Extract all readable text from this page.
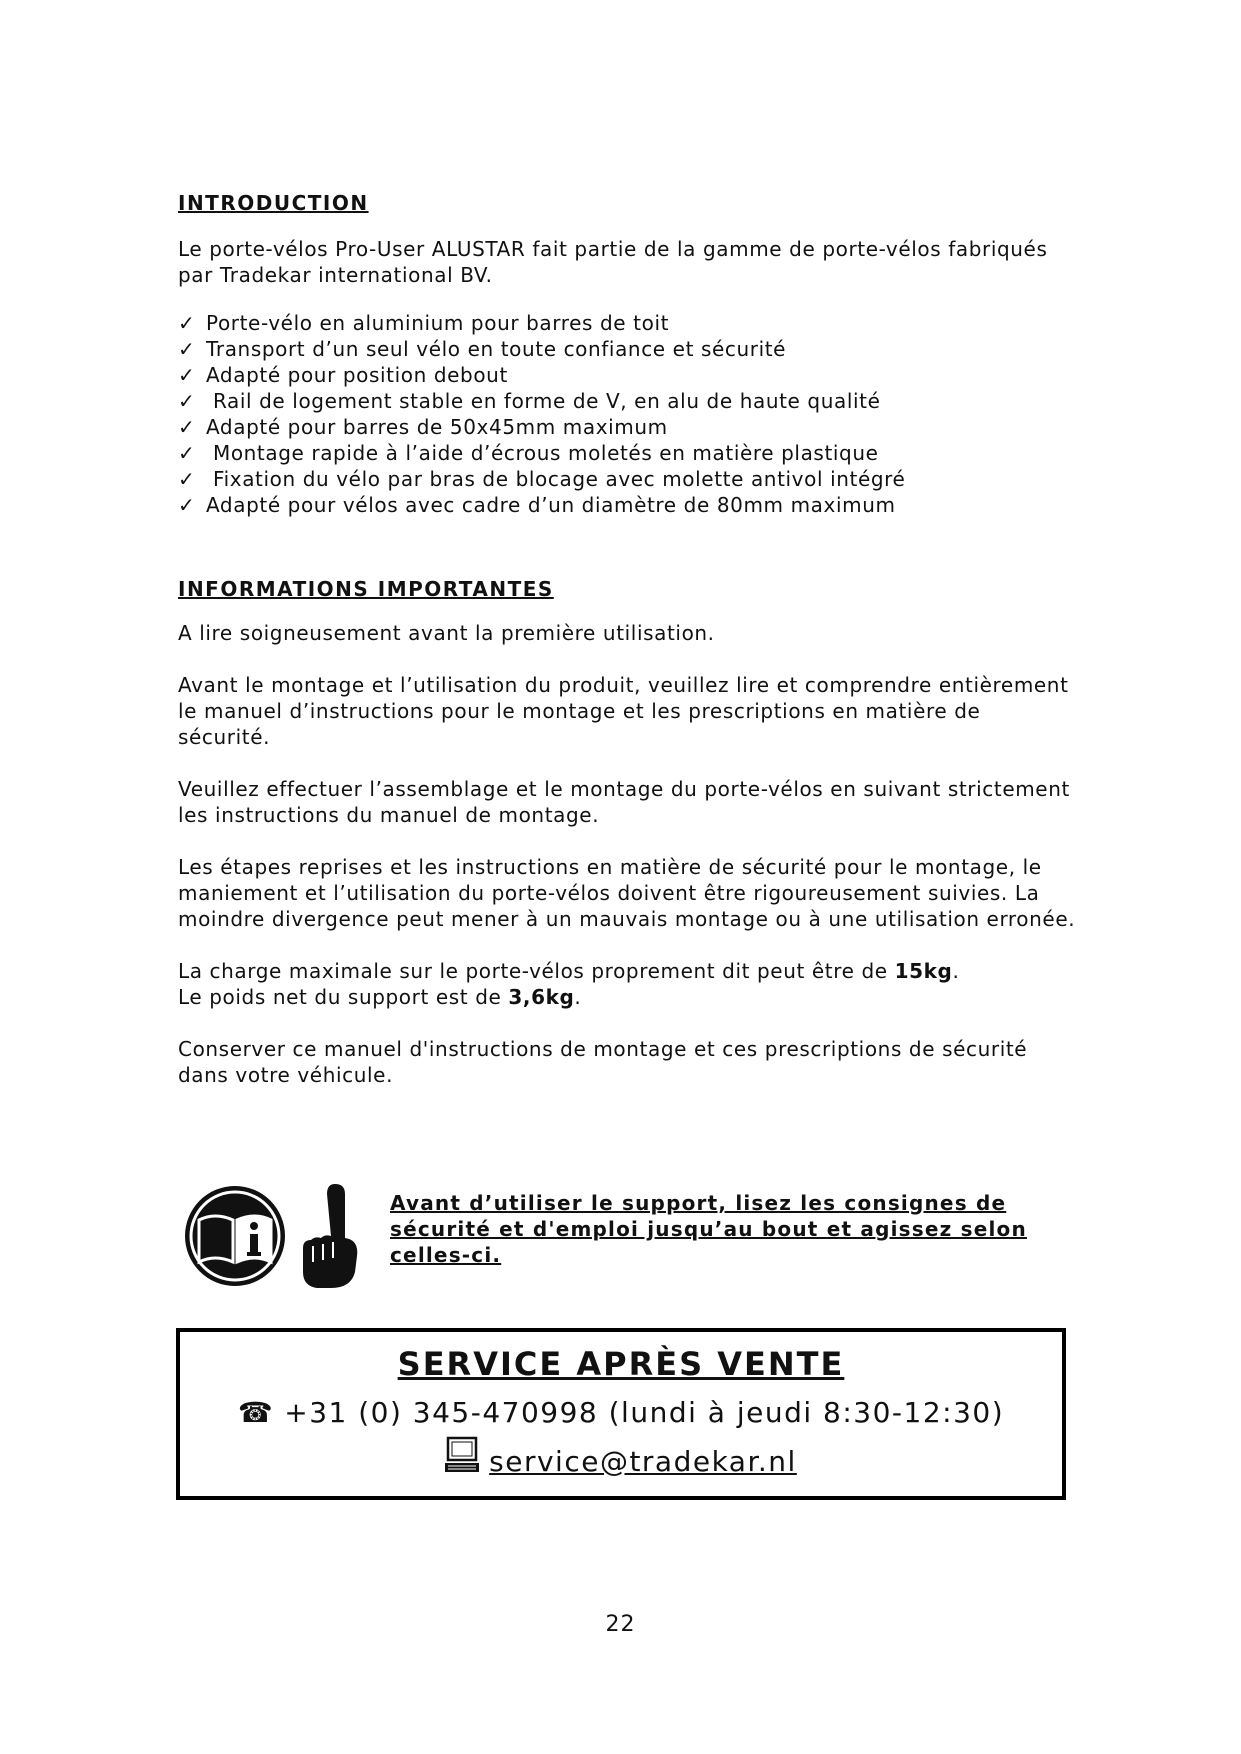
INTRODUCTION

Le porte-vélos Pro-User ALUSTAR fait partie de la gamme de porte-vélos fabriqués par Tradekar international BV.

✓ Porte-vélo en aluminium pour barres de toit
✓ Transport d’un seul vélo en toute confiance et sécurité
✓ Adapté pour position debout
✓ Rail de logement stable en forme de V, en alu de haute qualité
✓ Adapté pour barres de 50x45mm maximum
✓ Montage rapide à l’aide d’écrous moletés en matière plastique
✓ Fixation du vélo par bras de blocage avec molette antivol intégré
✓ Adapté pour vélos avec cadre d’un diamètre de 80mm maximum
INFORMATIONS IMPORTANTES

A lire soigneusement avant la première utilisation.

Avant le montage et l’utilisation du produit, veuillez lire et comprendre entièrement le manuel d’instructions pour le montage et les prescriptions en matière de sécurité.

Veuillez effectuer l’assemblage et le montage du porte-vélos en suivant strictement les instructions du manuel de montage.

Les étapes reprises et les instructions en matière de sécurité pour le montage, le maniement et l’utilisation du porte-vélos doivent être rigoureusement suivies. La moindre divergence peut mener à un mauvais montage ou à une utilisation erronée.

La charge maximale sur le porte-vélos proprement dit peut être de 15kg.

Le poids net du support est de 3,6kg.

Conserver ce manuel d'instructions de montage et ces prescriptions de sécurité dans votre véhicule.

Avant d’utiliser le support, lisez les consignes de sécurité et d'emploi jusqu’au bout et agissez selon celles-ci.

SERVICE APRÈS VENTE
☎ +31 (0) 345-470998 (lundi à jeudi 8:30-12:30)
service@tradekar.nl
22
